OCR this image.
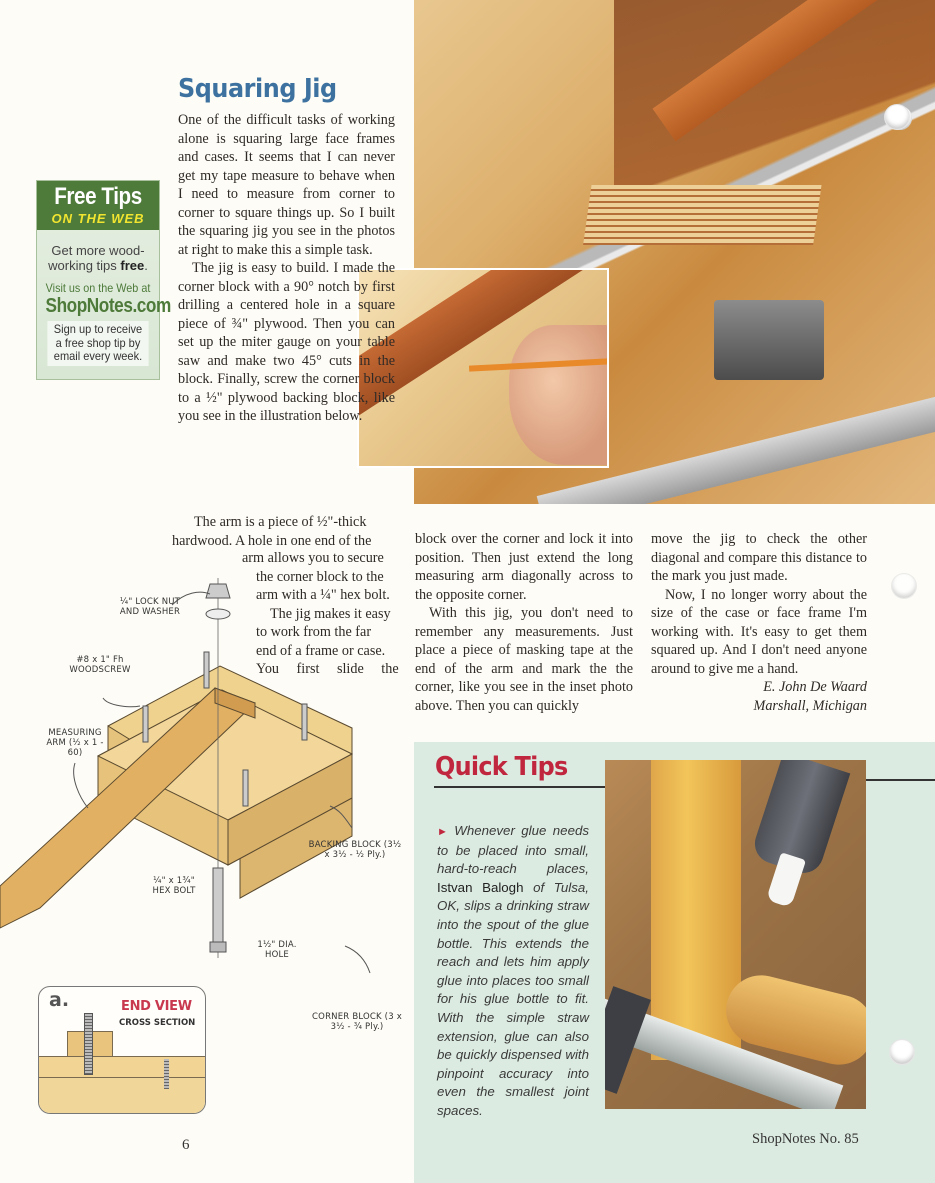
Squaring Jig

One of the difficult tasks of working alone is squaring large face frames and cases. It seems that I can never get my tape measure to behave when I need to measure from corner to corner to square things up. So I built the squaring jig you see in the photos at right to make this a simple task.

The jig is easy to build. I made the corner block with a 90° notch by first drilling a centered hole in a square piece of ¾" plywood. Then you can set up the miter gauge on your table saw and make two 45° cuts in the block. Finally, screw the corner block to a ½" plywood backing block, like you see in the illustration below.

The arm is a piece of ½"-thick
hardwood. A hole in one end of the
arm allows you to secure
the corner block to the
arm with a ¼" hex bolt.
The jig makes it easy
to work from the far
end of a frame or case.
You first slide the

block over the corner and lock it into position. Then just extend the long measuring arm diagonally across to the opposite corner.

With this jig, you don't need to remember any measurements. Just place a piece of masking tape at the end of the arm and mark the the corner, like you see in the inset photo above. Then you can quickly

move the jig to check the other diagonal and compare this distance to the mark you just made.

Now, I no longer worry about the size of the case or face frame I'm working with. It's easy to get them squared up. And I don't need anyone around to give me a hand.

E. John De Waard

Marshall, Michigan

Free Tips
ON THE WEB
Get more wood-working tips free.
Visit us on the Web at
ShopNotes.com
Sign up to receive a free shop tip by email every week.
¼" LOCK NUT AND WASHER
#8 x 1" Fh WOODSCREW
MEASURING ARM (½ x 1 - 60)
BACKING BLOCK (3½ x 3½ - ½ Ply.)
¼" x 1¾" HEX BOLT
1½" DIA. HOLE
CORNER BLOCK (3 x 3½ - ¾ Ply.)
a.	END VIEW
CROSS SECTION
Quick Tips
► Whenever glue needs to be placed into small, hard-to-reach places, Istvan Balogh of Tulsa, OK, slips a drinking straw into the spout of the glue bottle. This extends the reach and lets him apply glue into places too small for his glue bottle to fit. With the simple straw extension, glue can also be quickly dispensed with pinpoint accuracy into even the smallest joint spaces.
6	ShopNotes No. 85
